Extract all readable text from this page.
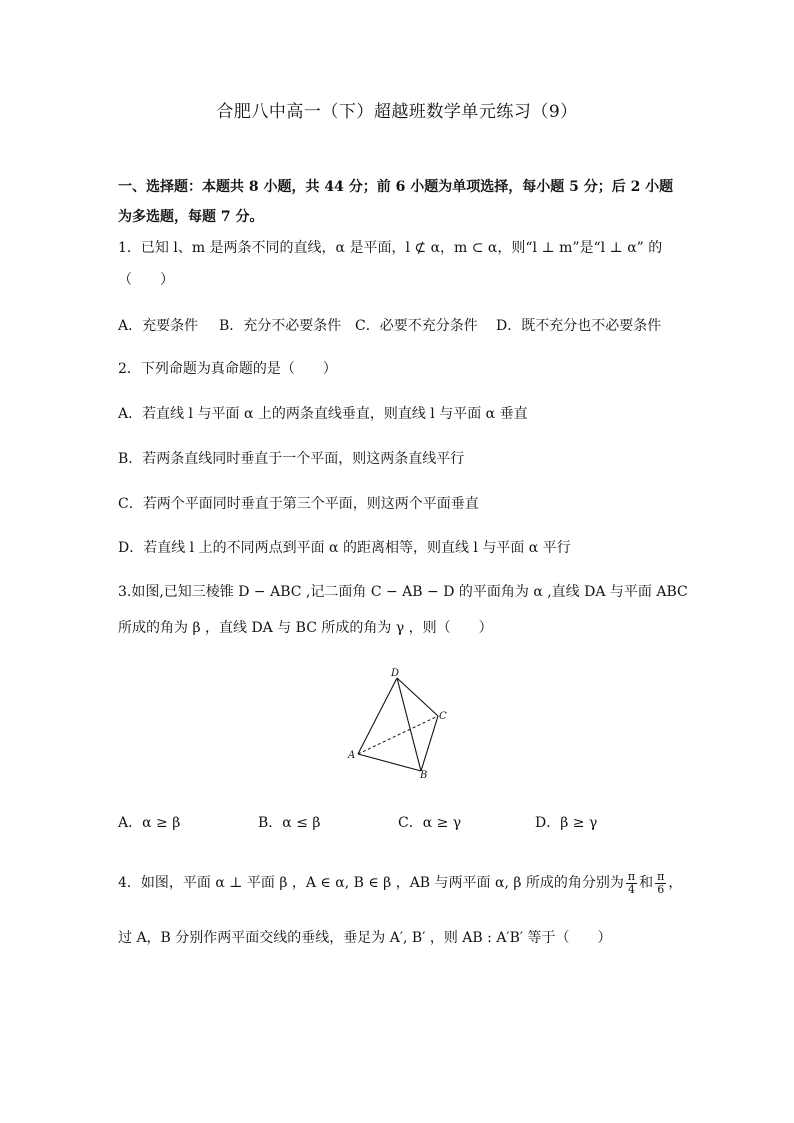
合肥八中高一（下）超越班数学单元练习（9）
一、选择题：本题共 8 小题，共 44 分；前 6 小题为单项选择，每小题 5 分；后 2 小题为多选题，每题 7 分。
1．已知 l、m 是两条不同的直线，α 是平面，l ⊄ α，m ⊂ α，则“l ⊥ m”是“l ⊥ α” 的
（　　）
A．充要条件 B．充分不必要条件 C．必要不充分条件 D．既不充分也不必要条件
2．下列命题为真命题的是（　　）
A．若直线 l 与平面 α 上的两条直线垂直，则直线 l 与平面 α 垂直
B．若两条直线同时垂直于一个平面，则这两条直线平行
C．若两个平面同时垂直于第三个平面，则这两个平面垂直
D．若直线 l 上的不同两点到平面 α 的距离相等，则直线 l 与平面 α 平行
3.如图,已知三棱锥 D − ABC ,记二面角 C − AB − D 的平面角为 α ,直线 DA 与平面 ABC
所成的角为 β ，直线 DA 与 BC 所成的角为 γ ，则（　　）
D
C
A
B
A．α ≥ β	B．α ≤ β	C．α ≥ γ	D．β ≥ γ
4．如图，平面 α ⊥ 平面 β ，A ∈ α, B ∈ β ，AB 与两平面 α, β 所成的角分别为 $\frac{\pi}{4}$ 和 $\frac{\pi}{6}$ ，
过 A，B 分别作两平面交线的垂线，垂足为 A′, B′ ，则 AB : A′B′ 等于（　　）
